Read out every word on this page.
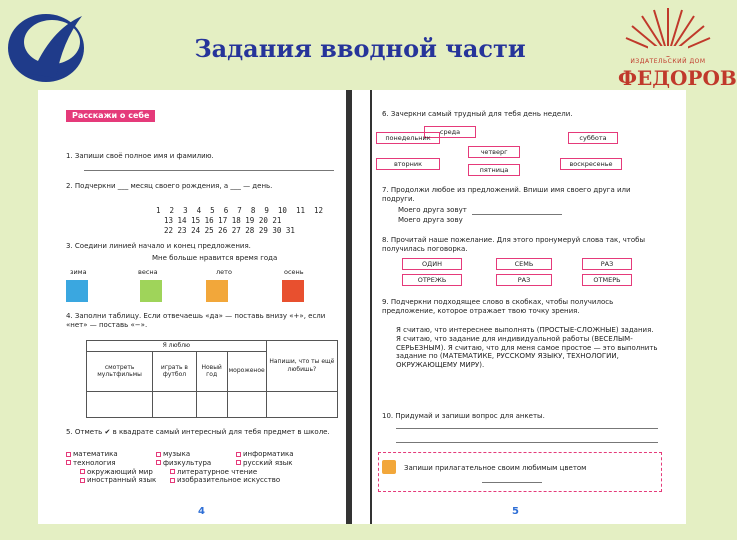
Задания вводной части	ИЗДАТЕЛЬСКИЙ ДОМ
ФЕДОРОВ
Расскажи о себе
1. Запиши своё полное имя и фамилию.
2. Подчеркни ___ месяц своего рождения, а ___ — день.
1  2  3  4  5  6  7  8  9  10  11  12
13 14 15 16 17 18 19 20 21
22 23 24 25 26 27 28 29 30 31
3. Соедини линией начало и конец предложения.
Мне больше нравится время года
зима	весна	лето	осень
4. Заполни таблицу. Если отвечаешь «да» — поставь внизу «+», если «нет» — поставь «−».
Я люблю				Напиши, что ты ещё любишь?
смотреть мультфильмы	играть в футбол	Новый год	мороженое	

5. Отметь ✔ в квадрате самый интересный для тебя предмет в школе.
математика	музыка	информатика
технология	физкультура	русский язык
окружающий мир	литературное чтение
иностранный язык	изобразительное искусство
4
6. Зачеркни самый трудный для тебя день недели.
среда
понедельник	суббота
четверг
вторник	воскресенье
пятница
7. Продолжи любое из предложений. Впиши имя своего друга или подруги.
Моего друга зовут
Моего друга зову
8. Прочитай наше пожелание. Для этого пронумеруй слова так, чтобы получилась поговорка.
ОДИН	СЕМЬ	РАЗ
ОТРЕЖЬ	РАЗ	ОТМЕРЬ
9. Подчеркни подходящее слово в скобках, чтобы получилось предложение, которое отражает твою точку зрения.
Я считаю, что интереснее выполнять (ПРОСТЫЕ-СЛОЖНЫЕ) задания. Я считаю, что задание для индивидуальной работы (ВЕСЕЛЫМ-СЕРЬЕЗНЫМ). Я считаю, что для меня самое простое — это выполнить задание по (МАТЕМАТИКЕ, РУССКОМУ ЯЗЫКУ, ТЕХНОЛОГИИ, ОКРУЖАЮЩЕМУ МИРУ).
10. Придумай и запиши вопрос для анкеты.
Запиши прилагательное своим любимым цветом
5
